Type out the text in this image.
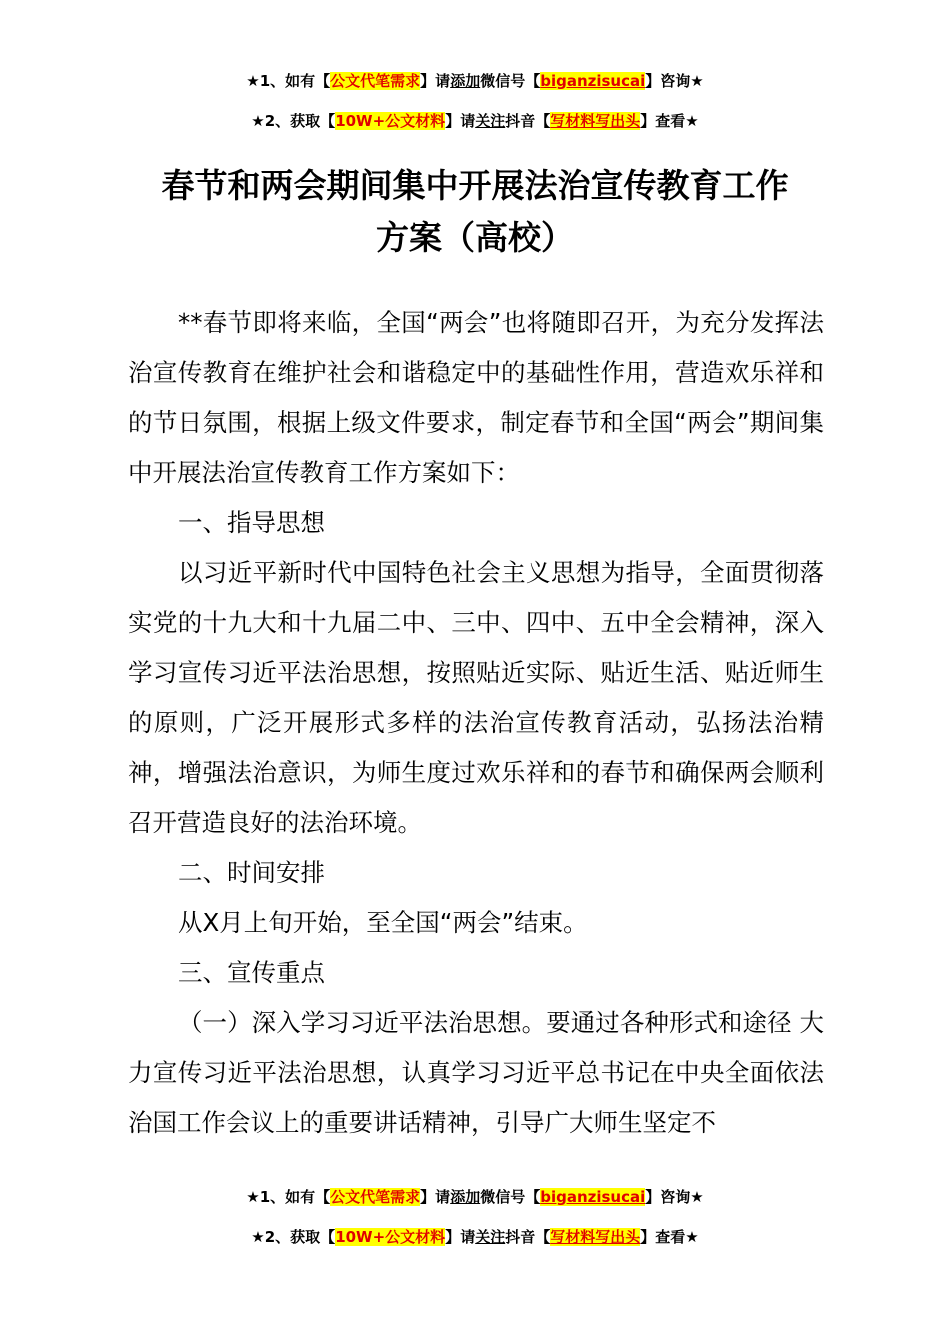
★1、如有【公文代笔需求】请添加微信号【biganzisucai】咨询★
★2、获取【10W+公文材料】请关注抖音【写材料写出头】查看★
春节和两会期间集中开展法治宣传教育工作
方案（高校）

**春节即将来临，全国“两会”也将随即召开，为充分发挥法治宣传教育在维护社会和谐稳定中的基础性作用，营造欢乐祥和的节日氛围，根据上级文件要求，制定春节和全国“两会”期间集中开展法治宣传教育工作方案如下：

一、指导思想

以习近平新时代中国特色社会主义思想为指导，全面贯彻落实党的十九大和十九届二中、三中、四中、五中全会精神，深入学习宣传习近平法治思想，按照贴近实际、贴近生活、贴近师生的原则，广泛开展形式多样的法治宣传教育活动，弘扬法治精神，增强法治意识，为师生度过欢乐祥和的春节和确保两会顺利召开营造良好的法治环境。

二、时间安排

从X月上旬开始，至全国“两会”结束。

三、宣传重点

（一）深入学习习近平法治思想。要通过各种形式和途径 大力宣传习近平法治思想，认真学习习近平总书记在中央全面依法治国工作会议上的重要讲话精神，引导广大师生坚定不

★1、如有【公文代笔需求】请添加微信号【biganzisucai】咨询★
★2、获取【10W+公文材料】请关注抖音【写材料写出头】查看★
